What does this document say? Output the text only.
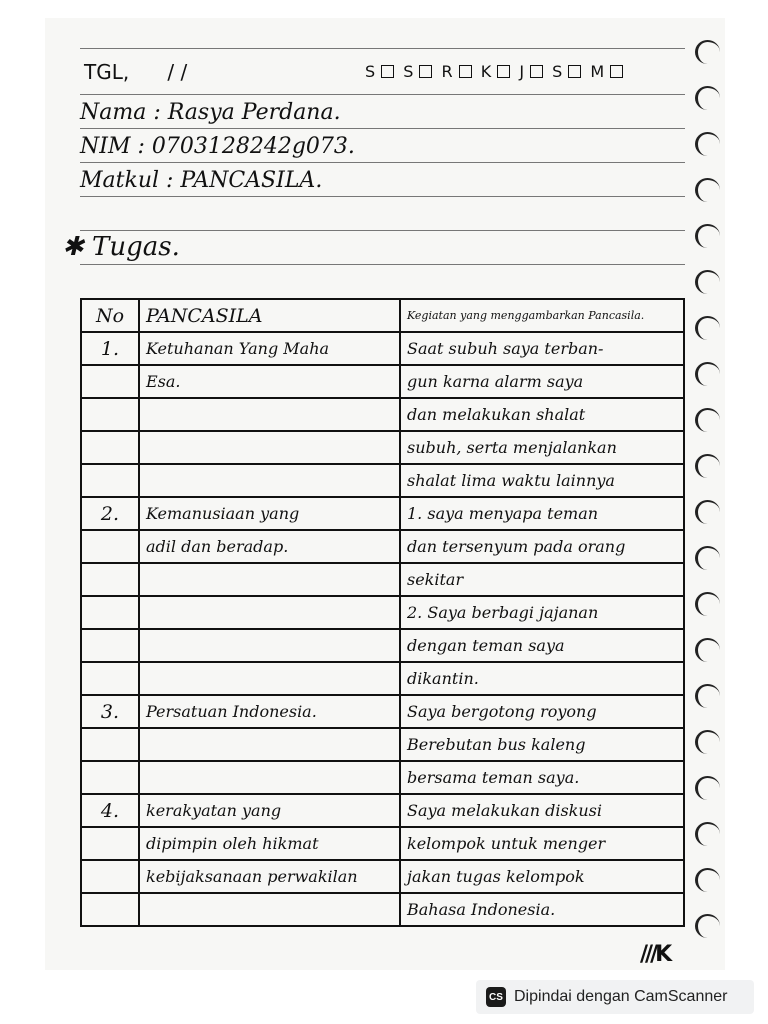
TGL, / /	S S R K J S M
Nama : Rasya Perdana.
NIM : 0703128242g073.
Matkul : PANCASILA.
✱ Tugas.
No	PANCASILA	Kegiatan yang menggambarkan Pancasila.
1.	Ketuhanan Yang Maha	Saat subuh saya terban-
	Esa.	gun karna alarm saya
		dan melakukan shalat
		subuh, serta menjalankan
		shalat lima waktu lainnya
2.	Kemanusiaan yang	1. saya menyapa teman
	adil dan beradap.	dan tersenyum pada orang
		sekitar
		2. Saya berbagi jajanan
		dengan teman saya
		dikantin.
3.	Persatuan Indonesia.	Saya bergotong royong
		Berebutan bus kaleng
		bersama teman saya.
4.	kerakyatan yang	Saya melakukan diskusi
	dipimpin oleh hikmat	kelompok untuk menger
	kebijaksanaan perwakilan	jakan tugas kelompok
		Bahasa Indonesia.
///K
CS Dipindai dengan CamScanner
